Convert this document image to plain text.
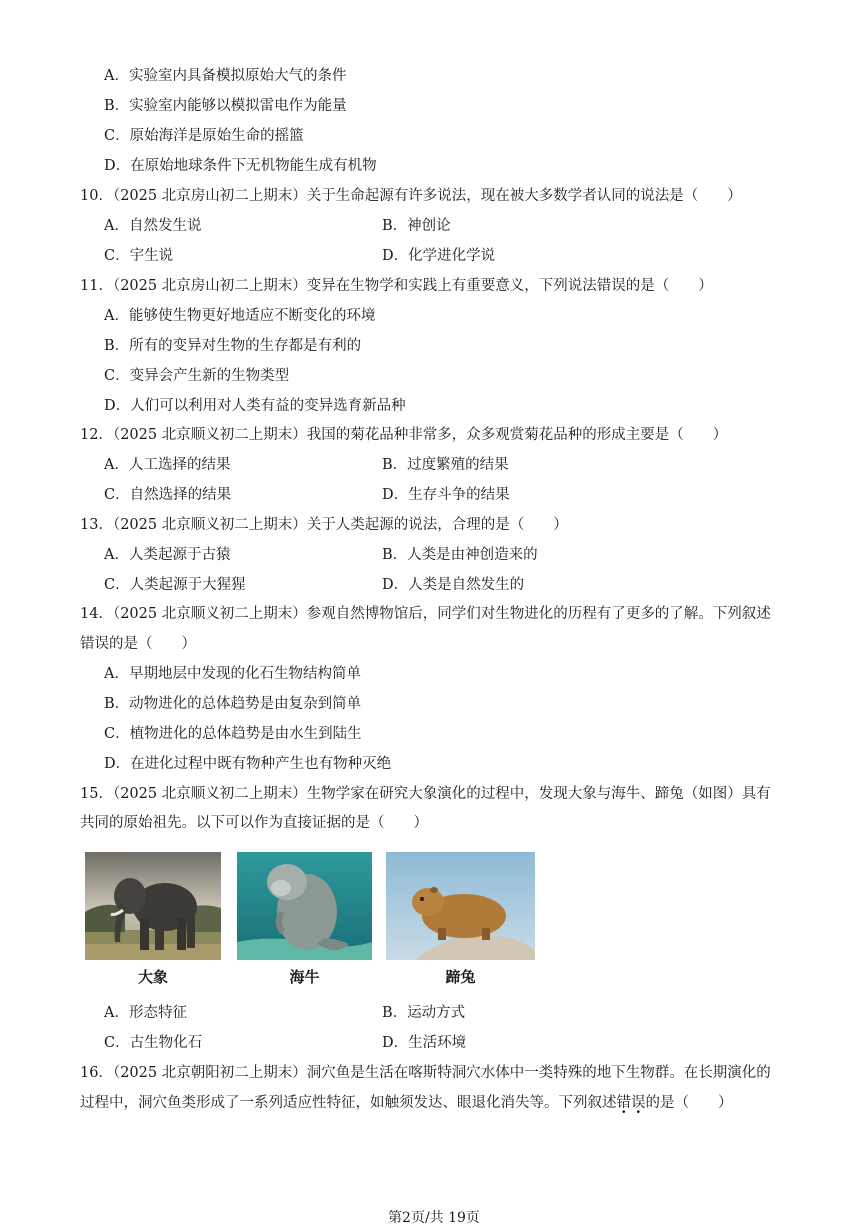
A．实验室内具备模拟原始大气的条件
B．实验室内能够以模拟雷电作为能量
C．原始海洋是原始生命的摇篮
D．在原始地球条件下无机物能生成有机物
10．（2025 北京房山初二上期末）关于生命起源有许多说法，现在被大多数学者认同的说法是（　　）
A．自然发生说	B．神创论
C．宇生说	D．化学进化学说
11．（2025 北京房山初二上期末）变异在生物学和实践上有重要意义，下列说法错误的是（　　）
A．能够使生物更好地适应不断变化的环境
B．所有的变异对生物的生存都是有利的
C．变异会产生新的生物类型
D．人们可以利用对人类有益的变异选育新品种
12．（2025 北京顺义初二上期末）我国的菊花品种非常多，众多观赏菊花品种的形成主要是（　　）
A．人工选择的结果	B．过度繁殖的结果
C．自然选择的结果	D．生存斗争的结果
13．（2025 北京顺义初二上期末）关于人类起源的说法，合理的是（　　）
A．人类起源于古猿	B．人类是由神创造来的
C．人类起源于大猩猩	D．人类是自然发生的
14．（2025 北京顺义初二上期末）参观自然博物馆后，同学们对生物进化的历程有了更多的了解。下列叙述
错误的是（　　）
A．早期地层中发现的化石生物结构简单
B．动物进化的总体趋势是由复杂到简单
C．植物进化的总体趋势是由水生到陆生
D．在进化过程中既有物种产生也有物种灭绝
15．（2025 北京顺义初二上期末）生物学家在研究大象演化的过程中，发现大象与海牛、蹄兔（如图）具有
共同的原始祖先。以下可以作为直接证据的是（　　）
大象	海牛	蹄兔
A．形态特征	B．运动方式
C．古生物化石	D．生活环境
16．（2025 北京朝阳初二上期末）洞穴鱼是生活在喀斯特洞穴水体中一类特殊的地下生物群。在长期演化的
过程中，洞穴鱼类形成了一系列适应性特征，如触须发达、眼退化消失等。下列叙述错误的是（　　）
第2页/共 19页
